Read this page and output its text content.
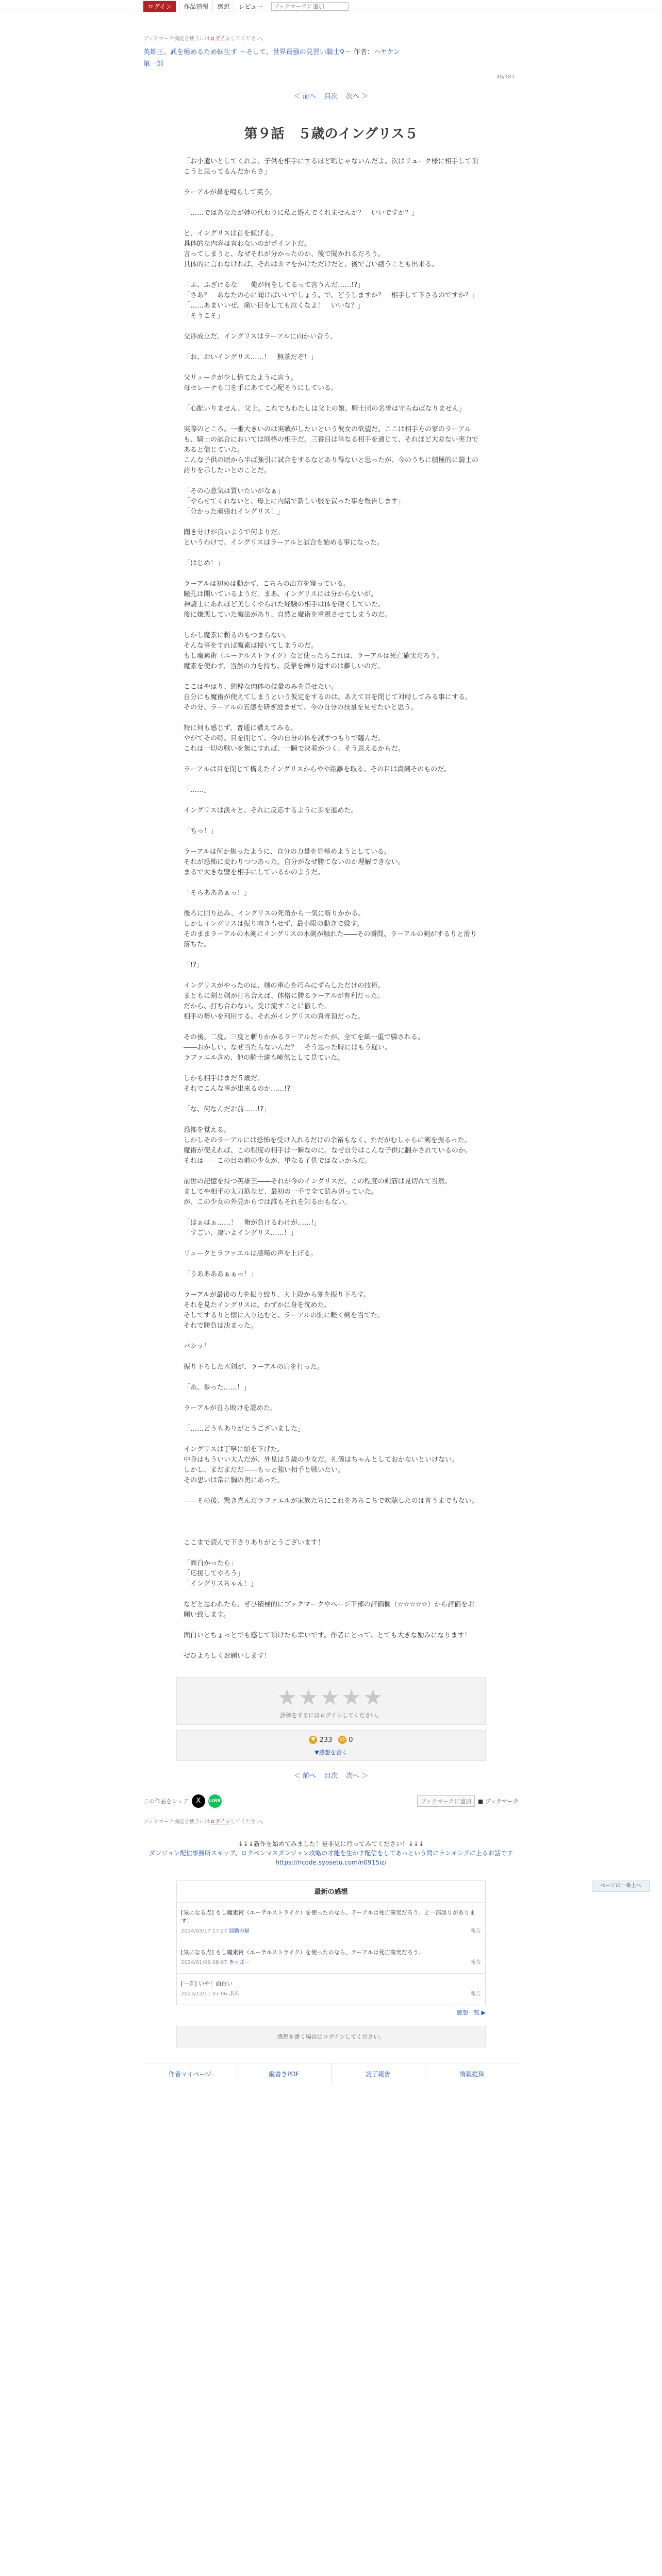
ログイン	作品情報	感想	レビュー
ブックマークに追加
ブックマーク機能を使うにはログインしてください。
英雄王、武を極めるため転生す ～そして、世界最強の見習い騎士♀～ 作者：ハヤケン
第一部
40/183
＜ 前へ 目次 次へ ＞
第９話　５歳のイングリス５

「お小遣いとしてくれよ、子供を相手にするほど暇じゃないんだよ。次はリューク様に相手して頂こうと思ってるんだからさ」

ラーアルが鼻を鳴らして笑う。

「……ではあなたが姉の代わりに私と遊んでくれませんか？　いいですか？」

と、イングリスは首を傾げる。

具体的な内容は言わないのがポイントだ。

言ってしまうと、なぜそれが分かったのか、後で聞かれるだろう。

具体的に言わなければ、それはカマをかけただけだと、後で言い繕うことも出来る。

「ふ、ふざけるな！　俺が何をしてるって言うんだ……!?」

「さあ？　あなたの心に聞けばいいでしょう。で、どうしますか？　相手して下さるのですか？」

「……あまいいぜ。痛い目をしても泣くなよ！　いいな？」

「そうこそ」

交渉成立だ。イングリスはラーアルに向かい合う。

「お、おいイングリス……！　無茶だぞ！」

父リュークが少し慌てたように言う。

母セレーナも口を手にあてて心配そうにしている。

「心配いりません、父上。これでもわたしは父上の娘。騎士団の名誉は守らねばなりません」

実際のところ、一番大きいのは実戦がしたいという彼女の欲望だ。ここは相手方の家のラーアルも、騎士の試合においては同格の相手だ。三番目は単なる相手を通じて、それほど大差ない実力であると信じていた。

こんな子供の頃から半ば強引に試合をするなどあり得ないと思ったが、今のうちに積極的に騎士の誇りを示したいとのことだ。

「その心意気は買いたいがなぁ」

「やらせてくれないと、母上に内緒で新しい服を買った事を報告します」

「分かった頑張れイングリス！」

聞き分けが良いようで何よりだ。

というわけで、イングリスはラーアルと試合を始める事になった。

「はじめ！」

ラーアルは初めは動かず、こちらの出方を窺っている。

瞳孔は開いているようだ。まあ、イングリスには分からないが。

神騎士にあれほど美しくやられた経験の相手は体を硬くしていた。

後に嫌悪していた魔法があり、自然と魔術を重視させてしまうのだ。

しかし魔素に頼るのもつまらない。

そんな事をすれば魔素は掃いてしまうのだ。

もし魔素術（エーテルストライク）など使ったらこれは、ラーアルは死亡確実だろう。

魔素を使わず、当然の力を持ち、反撃を繰り返すのは難しいのだ。

ここはやはり、純粋な肉体の技量のみを見せたい。

自分にも魔術が使えてしまうという仮定をするのは、あえて目を閉じて対峙してみる事にする。

その分、ラーアルの五感を研ぎ澄ませて、今の自分の技量を見せたいと思う。

特に何も感じず、普通に構えてみる。

やがてその時、目を閉じて、今の自分の体を試すつもりで臨んだ。

これは一切の戦いを無にすれば、一瞬で決着がつく、そう思えるからだ。

ラーアルは目を閉じて構えたイングリスからやや距離を取る。その目は真剣そのものだ。

「……」

イングリスは淡々と、それに反応するように歩を進めた。

「ちっ！」

ラーアルは何か焦ったように、自分の力量を見極めようとしている。

それが恐怖に変わりつつあった。自分がなぜ勝てないのか理解できない。

まるで大きな壁を相手にしているかのようだ。

「そらあああぁっ！」

後ろに回り込み、イングリスの死角から一気に斬りかかる。

しかしイングリスは振り向きもせず、最小限の動きで躱す。

そのままラーアルの木剣にイングリスの木剣が触れた――その瞬間、ラーアルの剣がするりと滑り落ちた。

「!?」

イングリスがやったのは、剣の重心を巧みにずらしただけの技術。

まともに剣と剣が打ち合えば、体格に勝るラーアルが有利だった。

だから、打ち合わない。受け流すことに徹した。

相手の勢いを利用する、それがイングリスの真骨頂だった。

その後、二度、三度と斬りかかるラーアルだったが、全てを紙一重で躱される。

――おかしい。なぜ当たらないんだ？　そう思った時にはもう遅い。

ラファエル含め、他の騎士達も唖然として見ていた。

しかも相手はまだ５歳だ。

それでこんな事が出来るのか……!?

「な、何なんだお前……!?」

恐怖を覚える。

しかしそのラーアルには恐怖を受け入れるだけの余裕もなく、ただがむしゃらに剣を振るった。

魔術が使えれば、この程度の相手は一瞬なのに。なぜ自分はこんな子供に翻弄されているのか。

それは――この目の前の少女が、単なる子供ではないからだ。

前世の記憶を持つ英雄王――それが今のイングリスだ。この程度の剣筋は見切れて当然。

ましてや相手の太刀筋など、最初の一手で全て読み切っていた。

が、この少女の外見からでは誰もそれを知る由もない。

「はぁはぁ……！　俺が負けるわけが……!」

「すごい、凄いよイングリス……！」

リュークとラファエルは感嘆の声を上げる。

「うああああぁぁっ！」

ラーアルが最後の力を振り絞り、大上段から剣を振り下ろす。

それを見たイングリスは、わずかに身を沈めた。

そしてするりと懐に入り込むと、ラーアルの胴に軽く剣を当てた。

それで勝負は決まった。

バシッ！

振り下ろした木剣が、ラーアルの肩を打った。

「あ、参った……！」

ラーアルが自ら敗けを認めた。

「……どうもありがとうございました」

イングリスは丁寧に頭を下げた。

中身はもういい大人だが、外見は５歳の少女だ。礼儀はちゃんとしておかないといけない。

しかし、まだまだだ――もっと強い相手と戦いたい。

その思いは常に胸の奥にあった。

――その後、驚き喜んだラファエルが家族たちにこれをあちこちで吹聴したのは言うまでもない。

ここまで読んで下さりありがとうございます！

「面白かったら」

「応援してやろう」

「イングリスちゃん！」

などと思われたら、ぜひ積極的にブックマークやページ下部の評価欄（☆☆☆☆☆）から評価をお願い致します。

面白いとちょっとでも感じて頂けたら幸いです。作者にとって、とても大きな励みになります！

ぜひよろしくお願いします！

★★★★★
評価をするにはログインしてください。
♥ 233 😊 0
▼感想を書く
＜ 前へ 目次 次へ ＞
この作品をシェア	X	LINE	ブックマークに追加	■ ブックマーク
ブックマーク機能を使うにはログインしてください。
↓↓↓新作を始めてみました！是非見に行ってみてください！↓↓↓
ダンジョン配信事務所スキップ、ロクペンマスダンジョン攻略の才能を生かす配信をしてあっという間にランキングに上るお話です
https://ncode.syosetu.com/n0915iz/
最新の感想
[気になる点] もし魔素術（エーテルストライク）を使ったのなら、ラーアルは死亡確実だろう。と一部誤りがあります！
2024/03/17 17:27 通勤の猫	報告
[気になる点] もし魔素術（エーテルストライク）を使ったのなら、ラーアルは死亡確実だろう。
2024/01/09 08:07 きっぱー	報告
[一言] いや！面白い
2023/12/11 07:06 ぷん	報告
感想一覧 ▶
感想を書く場合はログインしてください。
作者マイページ	縦書きPDF	読了報告	情報提供
ページの一番上へ
